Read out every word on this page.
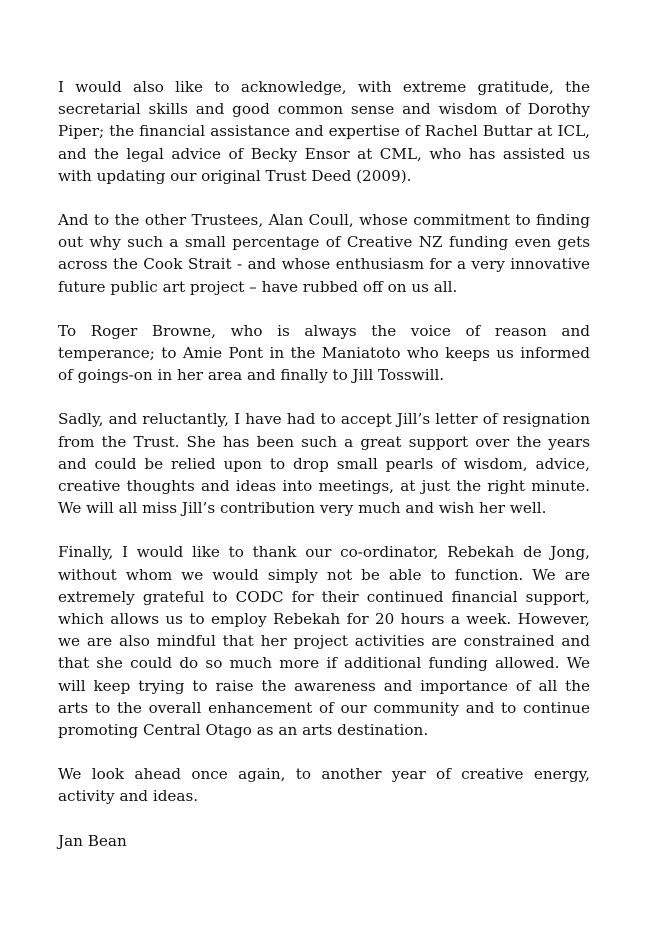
I would also like to acknowledge, with extreme gratitude, the secretarial skills and good common sense and wisdom of Dorothy Piper; the financial assistance and expertise of Rachel Buttar at ICL, and the legal advice of Becky Ensor at CML, who has assisted us with updating our original Trust Deed (2009).

And to the other Trustees, Alan Coull, whose commitment to finding out why such a small percentage of Creative NZ funding even gets across the Cook Strait - and whose enthusiasm for a very innovative future public art project – have rubbed off on us all.

To Roger Browne, who is always the voice of reason and temperance; to Amie Pont in the Maniatoto who keeps us informed of goings-on in her area and finally to Jill Tosswill.

Sadly, and reluctantly, I have had to accept Jill’s letter of resignation from the Trust. She has been such a great support over the years and could be relied upon to drop small pearls of wisdom, advice, creative thoughts and ideas into meetings, at just the right minute. We will all miss Jill’s contribution very much and wish her well.

Finally, I would like to thank our co-ordinator, Rebekah de Jong, without whom we would simply not be able to function. We are extremely grateful to CODC for their continued financial support, which allows us to employ Rebekah for 20 hours a week. However, we are also mindful that her project activities are constrained and that she could do so much more if additional funding allowed. We will keep trying to raise the awareness and importance of all the arts to the overall enhancement of our community and to continue promoting Central Otago as an arts destination.

We look ahead once again, to another year of creative energy, activity and ideas.

Jan Bean
